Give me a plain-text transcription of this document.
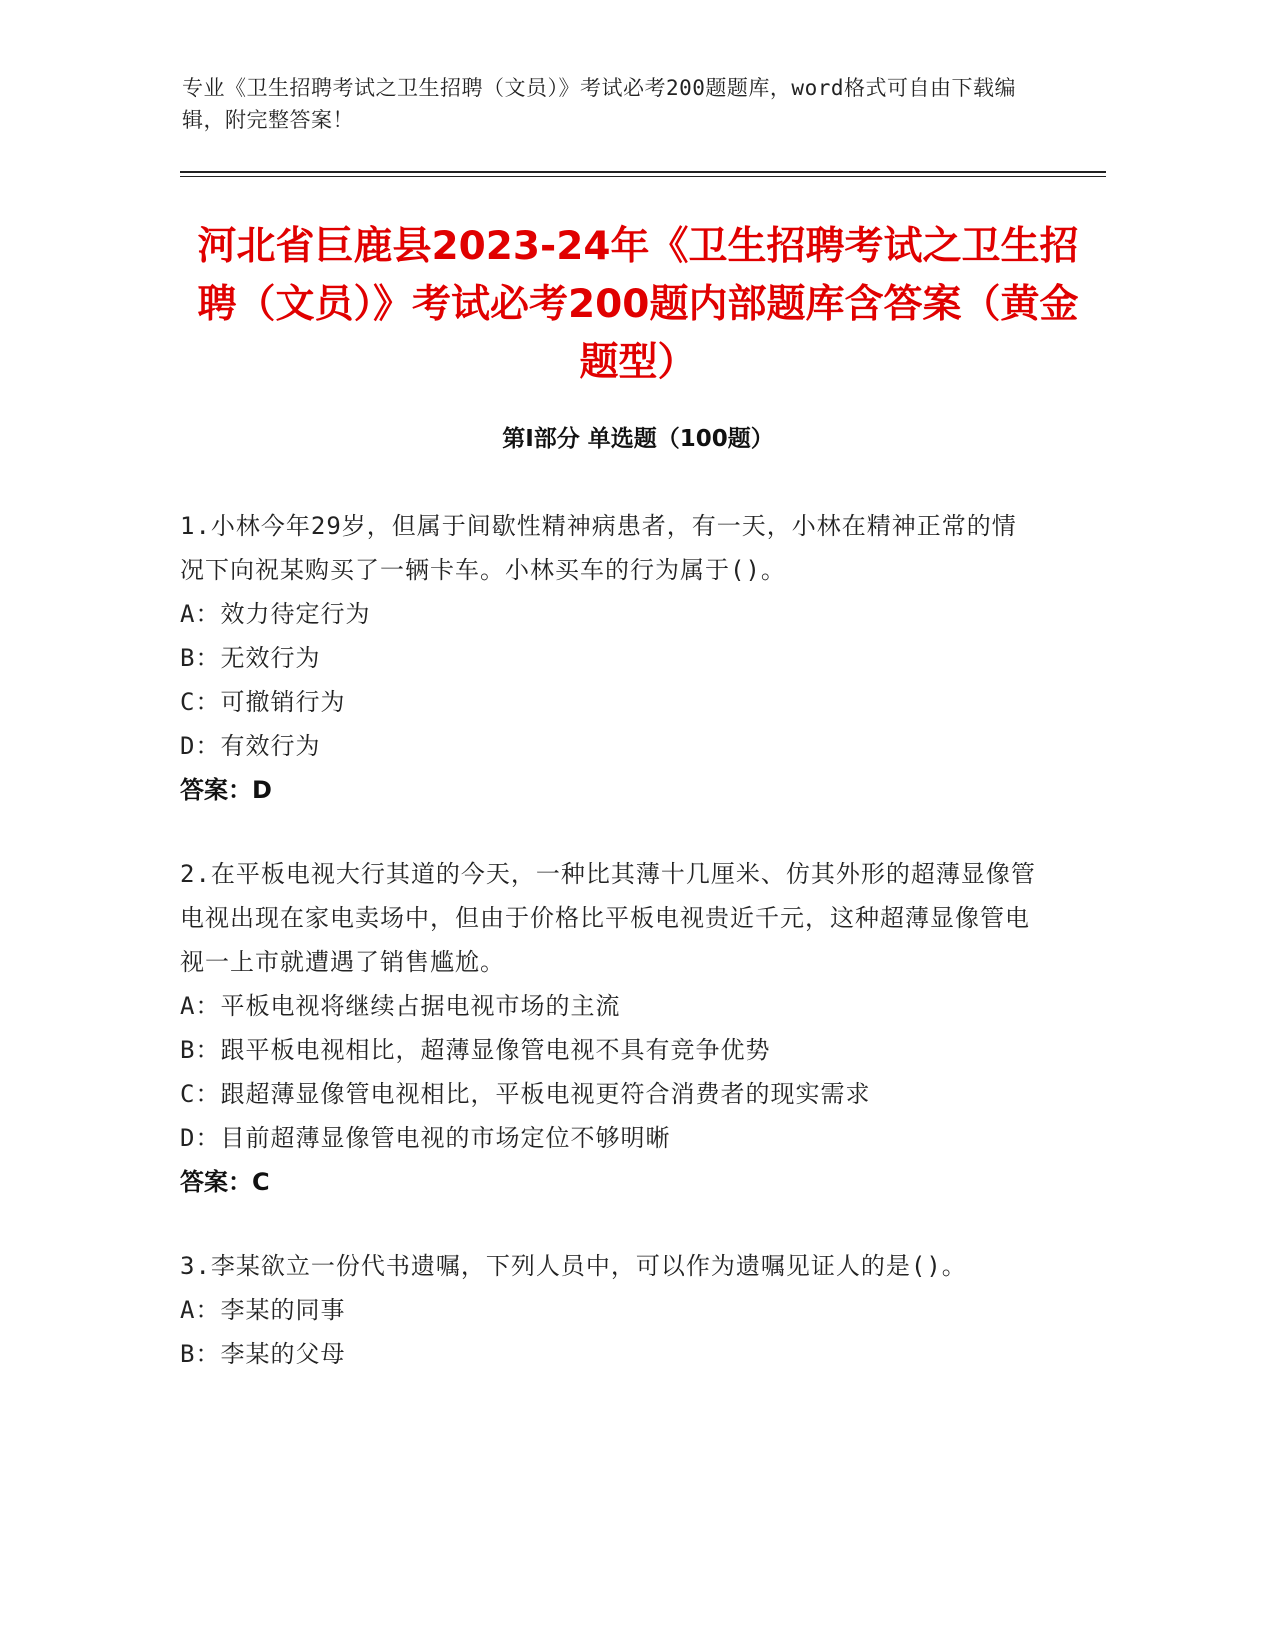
专业《卫生招聘考试之卫生招聘（文员）》考试必考200题题库，word格式可自由下载编辑，附完整答案！
河北省巨鹿县2023-24年《卫生招聘考试之卫生招聘（文员）》考试必考200题内部题库含答案（黄金题型）
第Ⅰ部分 单选题（100题）
1.小林今年29岁，但属于间歇性精神病患者，有一天，小林在精神正常的情况下向祝某购买了一辆卡车。小林买车的行为属于()。
A：效力待定行为
B：无效行为
C：可撤销行为
D：有效行为
答案：D
2.在平板电视大行其道的今天，一种比其薄十几厘米、仿其外形的超薄显像管电视出现在家电卖场中，但由于价格比平板电视贵近千元，这种超薄显像管电视一上市就遭遇了销售尴尬。
A：平板电视将继续占据电视市场的主流
B：跟平板电视相比，超薄显像管电视不具有竞争优势
C：跟超薄显像管电视相比，平板电视更符合消费者的现实需求
D：目前超薄显像管电视的市场定位不够明晰
答案：C
3.李某欲立一份代书遗嘱，下列人员中，可以作为遗嘱见证人的是()。
A：李某的同事
B：李某的父母
